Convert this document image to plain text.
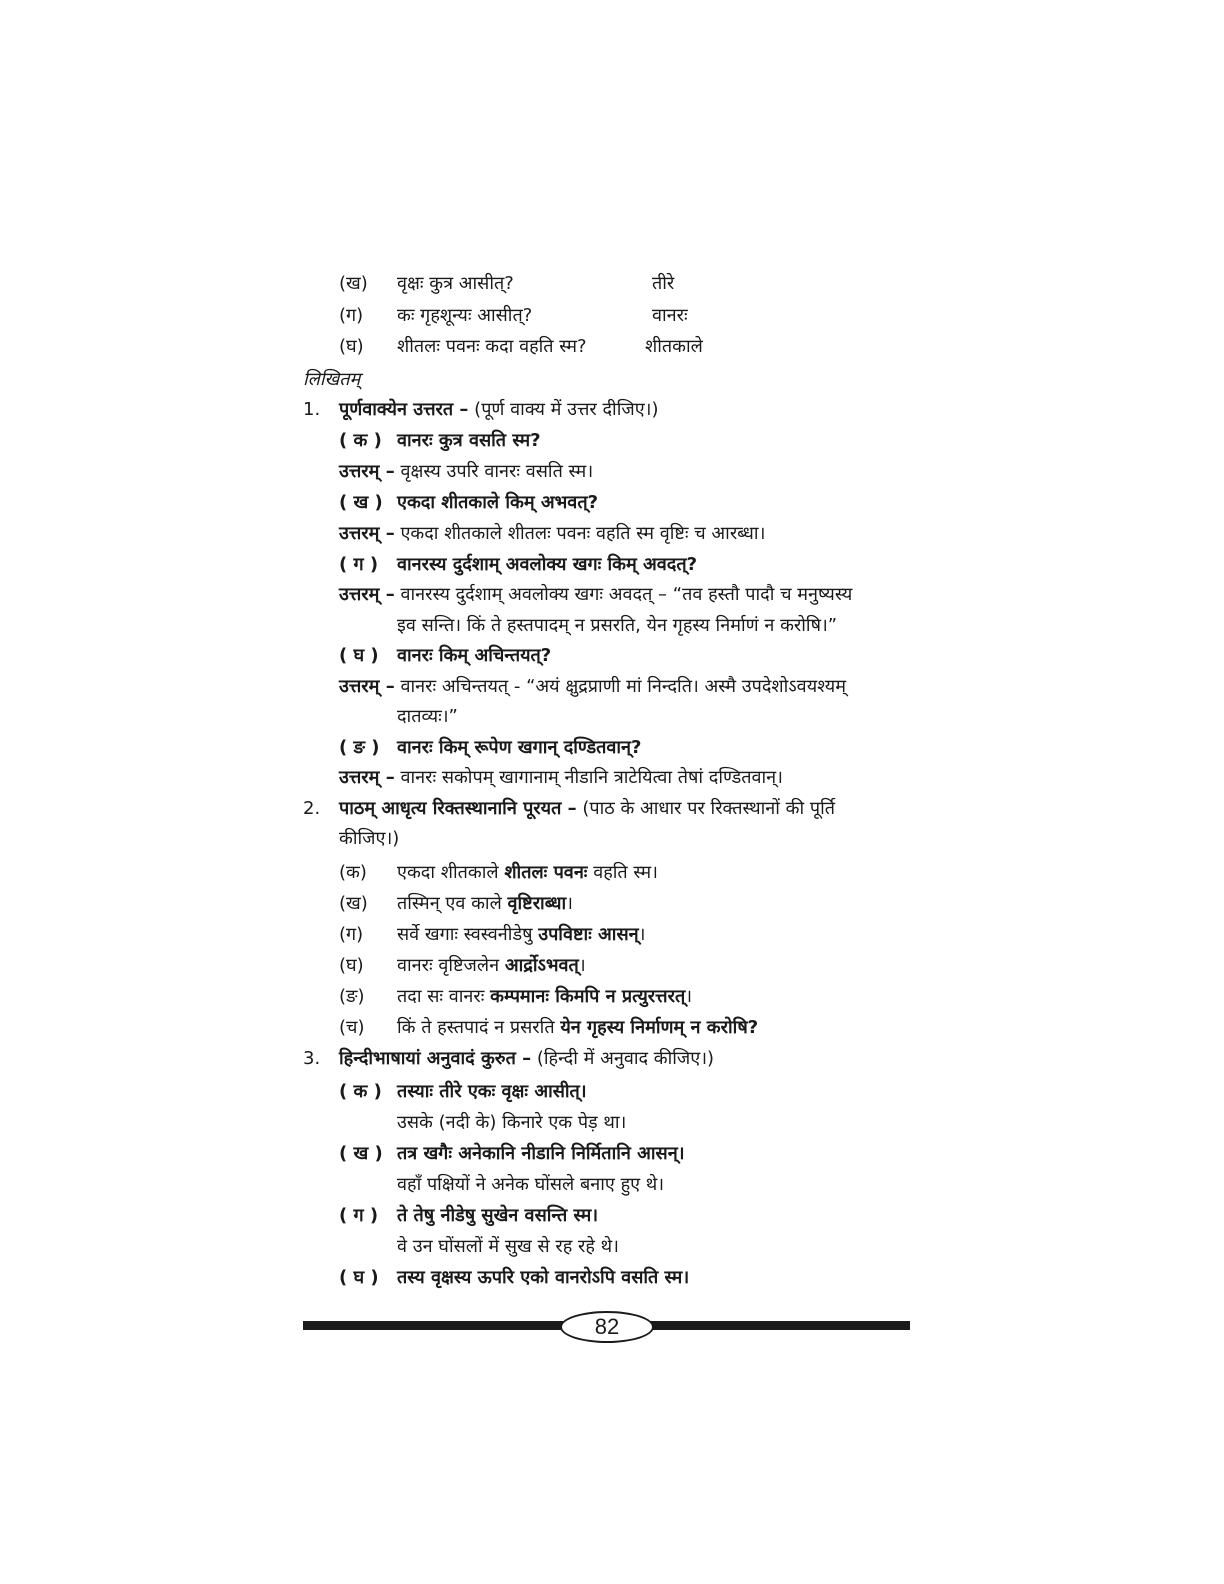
(ख) वृक्षः कुत्र आसीत्?	तीरे
(ग) कः गृहशून्यः आसीत्?	वानरः
(घ) शीतलः पवनः कदा वहति स्म?	शीतकाले
लिखितम्
1. पूर्णवाक्येन उत्तरत – (पूर्ण वाक्य में उत्तर दीजिए।)
( क ) वानरः कुत्र वसति स्म?
उत्तरम् – वृक्षस्य उपरि वानरः वसति स्म।
( ख ) एकदा शीतकाले किम् अभवत्?
उत्तरम् – एकदा शीतकाले शीतलः पवनः वहति स्म वृष्टिः च आरब्धा।
( ग ) वानरस्य दुर्दशाम् अवलोक्य खगः किम् अवदत्?
उत्तरम् – वानरस्य दुर्दशाम् अवलोक्य खगः अवदत् – “तव हस्तौ पादौ च मनुष्यस्य
इव सन्ति। किं ते हस्तपादम् न प्रसरति, येन गृहस्य निर्माणं न करोषि।”
( घ ) वानरः किम् अचिन्तयत्?
उत्तरम् – वानरः अचिन्तयत् - “अयं क्षुद्रप्राणी मां निन्दति। अस्मै उपदेशोऽवयश्यम्
दातव्यः।”
( ङ ) वानरः किम् रूपेण खगान् दण्डितवान्?
उत्तरम् – वानरः सकोपम् खागानाम् नीडानि त्राटेयित्वा तेषां दण्डितवान्।
2. पाठम् आधृत्य रिक्तस्थानानि पूरयत – (पाठ के आधार पर रिक्तस्थानों की पूर्ति
कीजिए।)
(क) एकदा शीतकाले शीतलः पवनः वहति स्म।
(ख) तस्मिन् एव काले वृष्टिराब्धा।
(ग) सर्वे खगाः स्वस्वनीडेषु उपविष्टाः आसन्।
(घ) वानरः वृष्टिजलेन आर्द्रोऽभवत्।
(ङ) तदा सः वानरः कम्पमानः किमपि न प्रत्युरत्तरत्।
(च) किं ते हस्तपादं न प्रसरति येन गृहस्य निर्माणम् न करोषि?
3. हिन्दीभाषायां अनुवादं कुरुत – (हिन्दी में अनुवाद कीजिए।)
( क ) तस्याः तीरे एकः वृक्षः आसीत्।
उसके (नदी के) किनारे एक पेड़ था।
( ख ) तत्र खगैः अनेकानि नीडानि निर्मितानि आसन्।
वहाँ पक्षियों ने अनेक घोंसले बनाए हुए थे।
( ग ) ते तेषु नीडेषु सुखेन वसन्ति स्म।
वे उन घोंसलों में सुख से रह रहे थे।
( घ ) तस्य वृक्षस्य ऊपरि एको वानरोऽपि वसति स्म।
82
